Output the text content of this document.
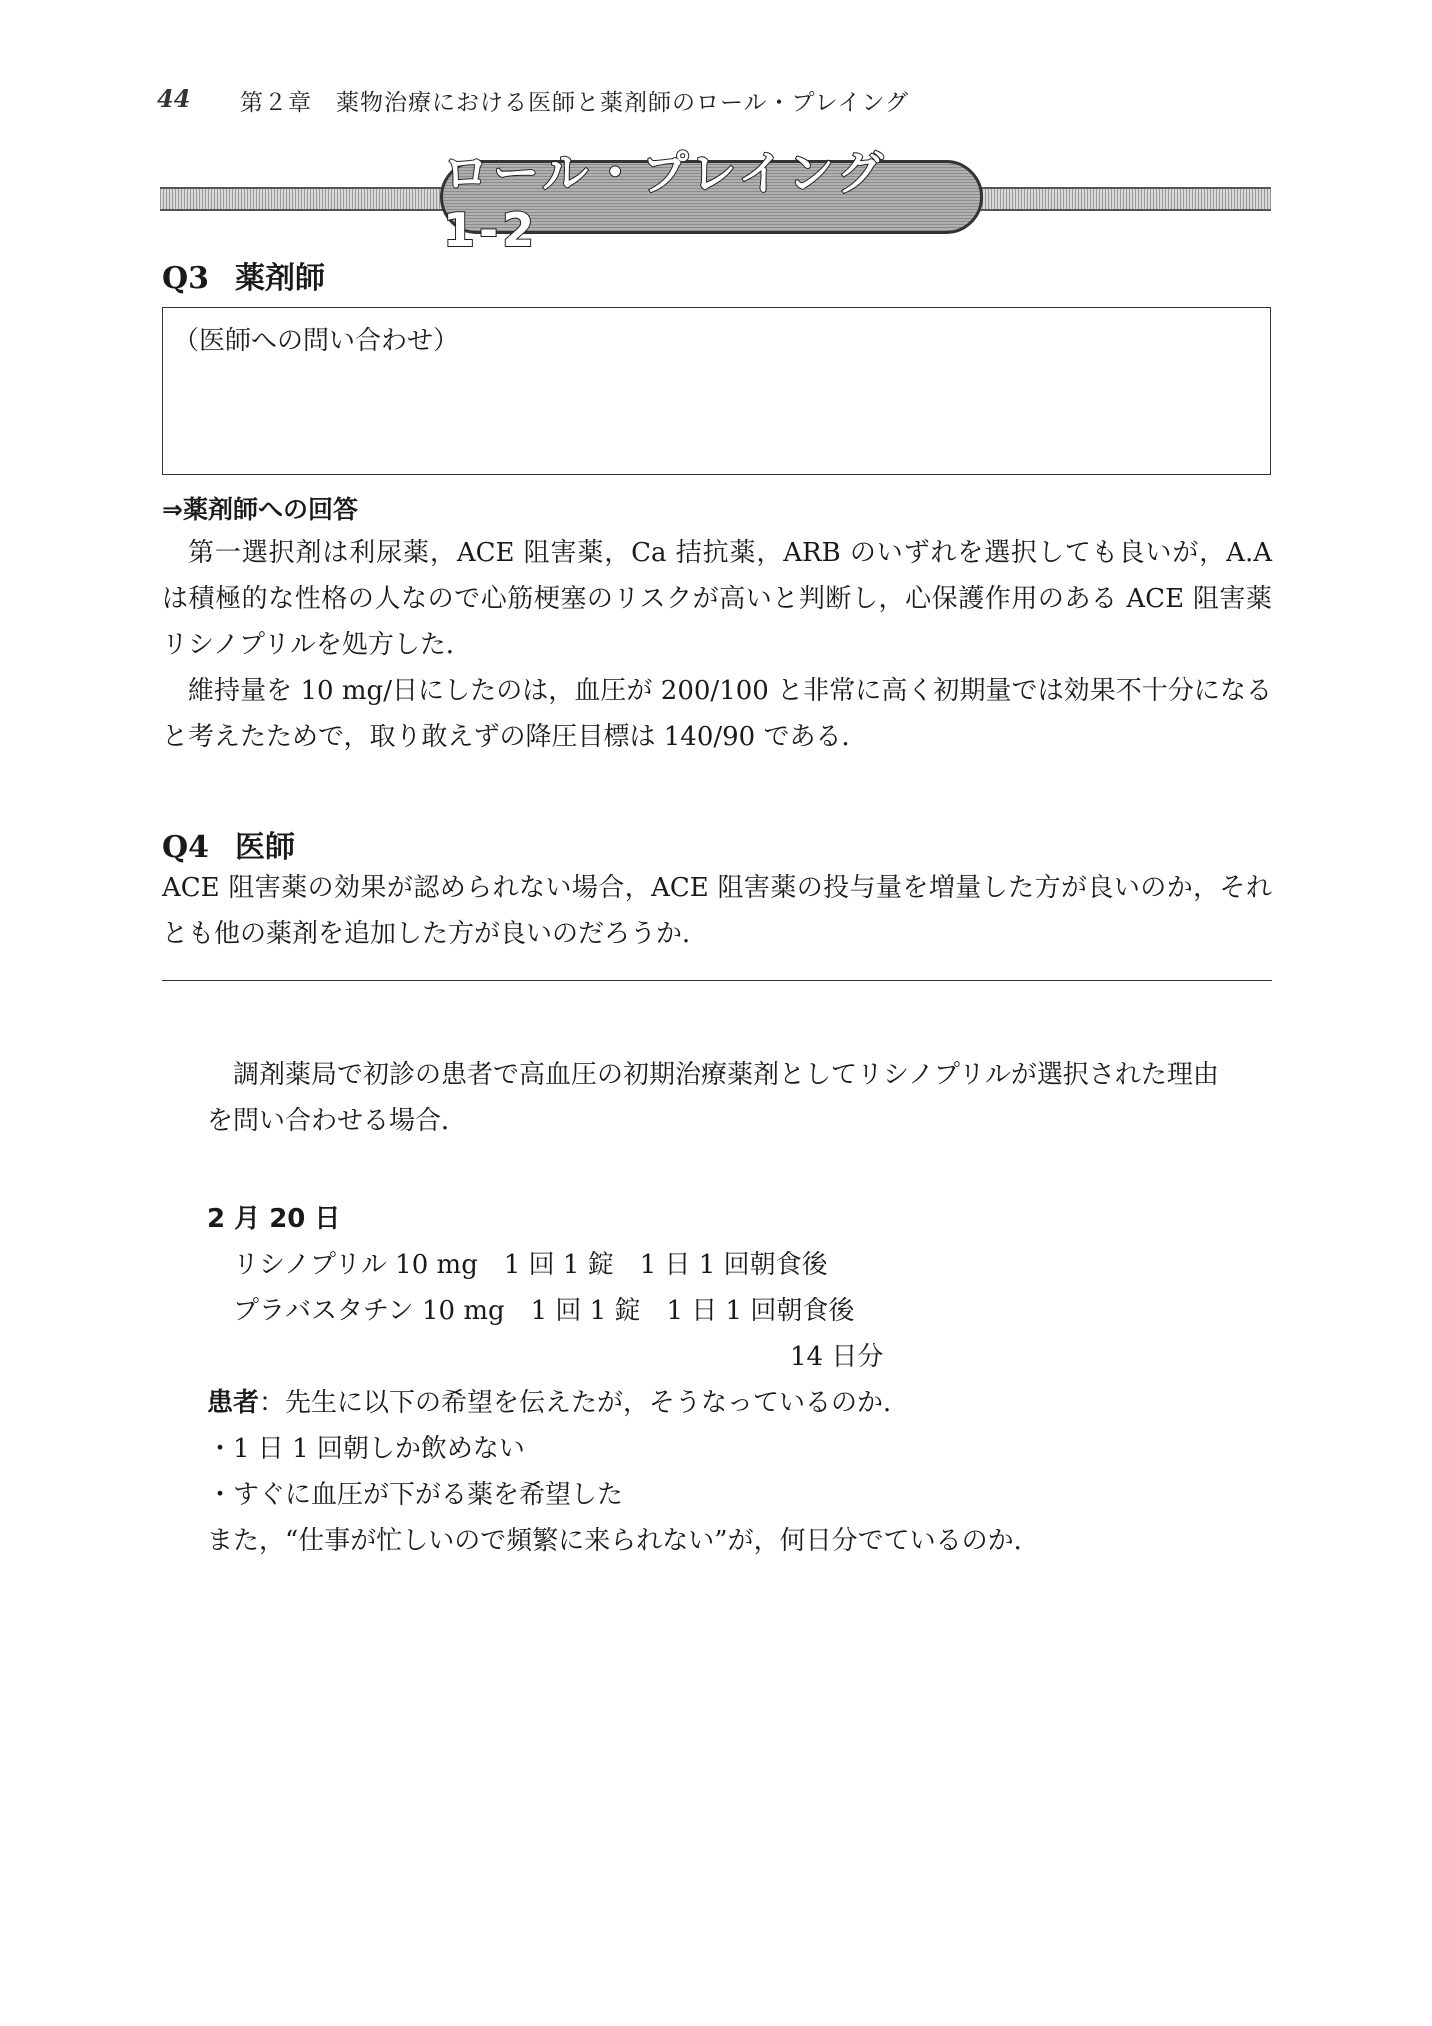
44 第２章　薬物治療における医師と薬剤師のロール・プレイング
ロール・プレイング　1-2
Q3 薬剤師
（医師への問い合わせ）
⇒薬剤師への回答
第一選択剤は利尿薬，ACE 阻害薬，Ca 拮抗薬，ARB のいずれを選択しても良いが，A.A は積極的な性格の人なので心筋梗塞のリスクが高いと判断し，心保護作用のある ACE 阻害薬リシノプリルを処方した．
維持量を 10 mg/日にしたのは，血圧が 200/100 と非常に高く初期量では効果不十分になると考えたためで，取り敢えずの降圧目標は 140/90 である．
Q4 医師
ACE 阻害薬の効果が認められない場合，ACE 阻害薬の投与量を増量した方が良いのか，それとも他の薬剤を追加した方が良いのだろうか．
調剤薬局で初診の患者で高血圧の初期治療薬剤としてリシノプリルが選択された理由を問い合わせる場合．
2 月 20 日
リシノプリル 10 mg　1 回 1 錠　1 日 1 回朝食後
プラバスタチン 10 mg　1 回 1 錠　1 日 1 回朝食後
14 日分
患者：先生に以下の希望を伝えたが，そうなっているのか．
・1 日 1 回朝しか飲めない
・すぐに血圧が下がる薬を希望した
また，“仕事が忙しいので頻繁に来られない”が，何日分でているのか．
